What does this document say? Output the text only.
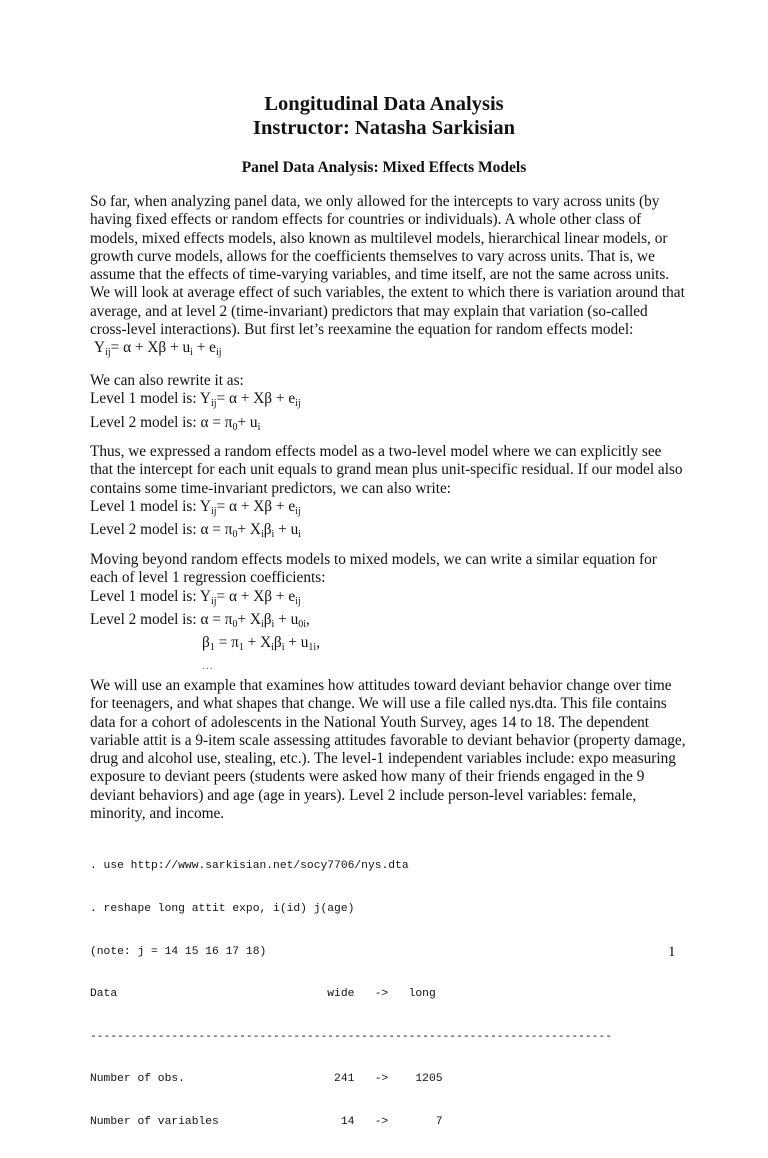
Longitudinal Data Analysis
Instructor: Natasha Sarkisian
Panel Data Analysis: Mixed Effects Models
So far, when analyzing panel data, we only allowed for the intercepts to vary across units (by
having fixed effects or random effects for countries or individuals). A whole other class of
models, mixed effects models, also known as multilevel models, hierarchical linear models, or
growth curve models, allows for the coefficients themselves to vary across units. That is, we
assume that the effects of time-varying variables, and time itself, are not the same across units.
We will look at average effect of such variables, the extent to which there is variation around that
average, and at level 2 (time-invariant) predictors that may explain that variation (so-called
cross-level interactions). But first let’s reexamine the equation for random effects model:
$Y_{ij}= \alpha + X\beta + u_i + e_{ij}$
We can also rewrite it as:
Level 1 model is: $Y_{ij}= \alpha + X\beta + e_{ij}$
Level 2 model is: $\alpha = \pi_0+ u_i$
Thus, we expressed a random effects model as a two-level model where we can explicitly see
that the intercept for each unit equals to grand mean plus unit-specific residual. If our model also
contains some time-invariant predictors, we can also write:
Level 1 model is: $Y_{ij}= \alpha + X\beta + e_{ij}$
Level 2 model is: $\alpha = \pi_0+ X_i\beta_i + u_i$
Moving beyond random effects models to mixed models, we can write a similar equation for
each of level 1 regression coefficients:
Level 1 model is: $Y_{ij}= \alpha + X\beta + e_{ij}$
Level 2 model is: $\alpha = \pi_0+ X_i\beta_i + u_{0i}$,
$\beta_1 = \pi_1 + X_i\beta_i + u_{1i}$,
…
We will use an example that examines how attitudes toward deviant behavior change over time
for teenagers, and what shapes that change. We will use a file called nys.dta. This file contains
data for a cohort of adolescents in the National Youth Survey, ages 14 to 18. The dependent
variable attit is a 9-item scale assessing attitudes favorable to deviant behavior (property damage,
drug and alcohol use, stealing, etc.). The level-1 independent variables include: expo measuring
exposure to deviant peers (students were asked how many of their friends engaged in the 9
deviant behaviors) and age (age in years). Level 2 include person-level variables: female,
minority, and income.

. use http://www.sarkisian.net/socy7706/nys.dta

. reshape long attit expo, i(id) j(age)

(note: j = 14 15 16 17 18)

Data                               wide   ->   long

-----------------------------------------------------------------------------

Number of obs.                      241   ->    1205

Number of variables                  14   ->       7

1
